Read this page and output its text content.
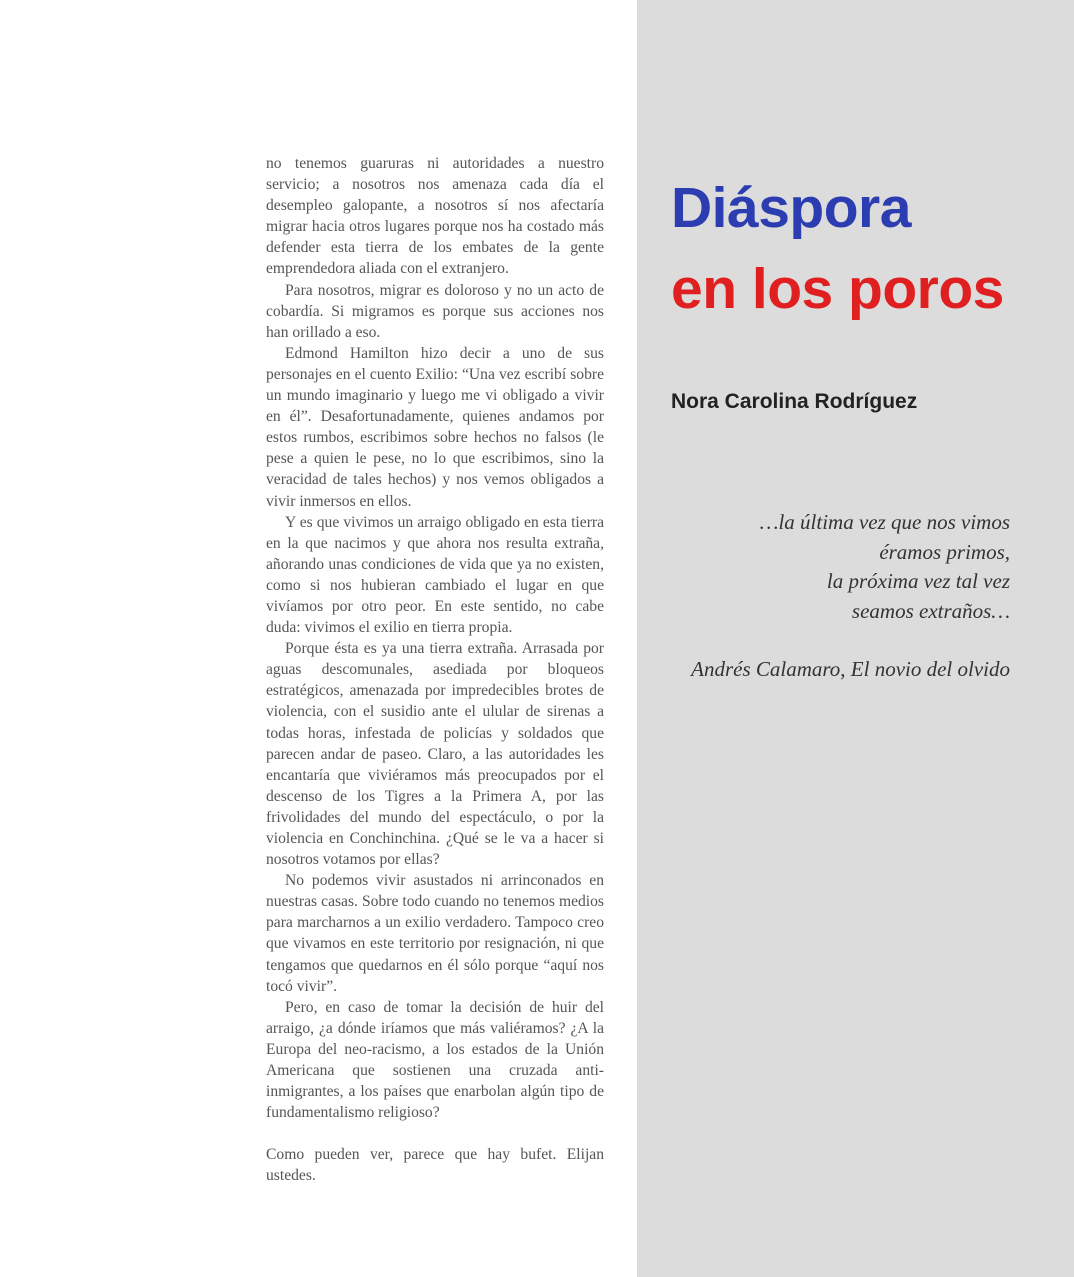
no tenemos guaruras ni autoridades a nuestro servicio; a nosotros nos amenaza cada día el desempleo galopante, a nosotros sí nos afectaría migrar hacia otros lugares porque nos ha costado más defender esta tierra de los embates de la gente emprendedora aliada con el extranjero.

Para nosotros, migrar es doloroso y no un acto de cobardía. Si migramos es porque sus acciones nos han orillado a eso.

Edmond Hamilton hizo decir a uno de sus personajes en el cuento Exilio: “Una vez escribí sobre un mundo imaginario y luego me vi obligado a vivir en él”. Desafortunadamente, quienes andamos por estos rumbos, escribimos sobre hechos no falsos (le pese a quien le pese, no lo que escribimos, sino la veracidad de tales hechos) y nos vemos obligados a vivir inmersos en ellos.

Y es que vivimos un arraigo obligado en esta tierra en la que nacimos y que ahora nos resulta extraña, añorando unas condiciones de vida que ya no existen, como si nos hubieran cambiado el lugar en que vivíamos por otro peor. En este sentido, no cabe duda: vivimos el exilio en tierra propia.

Porque ésta es ya una tierra extraña. Arrasada por aguas descomunales, asediada por bloqueos estratégicos, amenazada por impredecibles brotes de violencia, con el susidio ante el ulular de sirenas a todas horas, infestada de policías y soldados que parecen andar de paseo. Claro, a las autoridades les encantaría que viviéramos más preocupados por el descenso de los Tigres a la Primera A, por las frivolidades del mundo del espectáculo, o por la violencia en Conchinchina. ¿Qué se le va a hacer si nosotros votamos por ellas?

No podemos vivir asustados ni arrinconados en nuestras casas. Sobre todo cuando no tenemos medios para marcharnos a un exilio verdadero. Tampoco creo que vivamos en este territorio por resignación, ni que tengamos que quedarnos en él sólo porque “aquí nos tocó vivir”.

Pero, en caso de tomar la decisión de huir del arraigo, ¿a dónde iríamos que más valiéramos? ¿A la Europa del neo-racismo, a los estados de la Unión Americana que sostienen una cruzada anti-inmigrantes, a los países que enarbolan algún tipo de fundamentalismo religioso?

Como pueden ver, parece que hay bufet. Elijan ustedes.

Diáspora
en los poros
Nora Carolina Rodríguez
…la última vez que nos vimos
éramos primos,
la próxima vez tal vez
seamos extraños…
Andrés Calamaro, El novio del olvido
